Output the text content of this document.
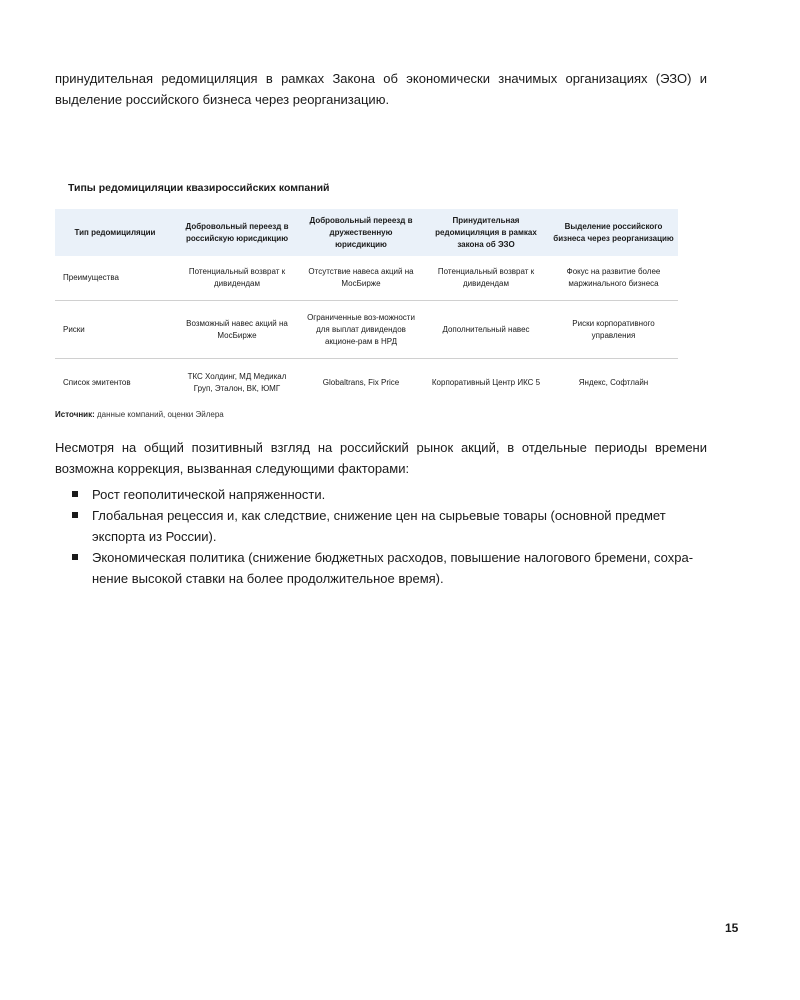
принудительная редомициляция в рамках Закона об экономически значимых организациях (ЭЗО) и выделение российского бизнеса через реорганизацию.

Типы редомициляции квазироссийских компаний
Тип редомициляции	Добровольный переезд в российскую юрисдикцию	Добровольный переезд в дружественную юрисдикцию	Принудительная редомициляция в рамках закона об ЭЗО	Выделение российского бизнеса через реорганизацию
Преимущества	Потенциальный возврат к дивидендам	Отсутствие навеса акций на МосБирже	Потенциальный возврат к дивидендам	Фокус на развитие более маржинального бизнеса
Риски	Возможный навес акций на МосБирже	Ограниченные воз-можности для выплат дивидендов акционе-рам в НРД	Дополнительный навес	Риски корпоративного управления
Список эмитентов	ТКС Холдинг, МД Медикал Груп, Эталон, ВК, ЮМГ	Globaltrans, Fix Price	Корпоративный Центр ИКС 5	Яндекс, Софтлайн
Источник: данные компаний, оценки Эйлера

Несмотря на общий позитивный взгляд на российский рынок акций, в отдельные периоды времени возможна коррекция, вызванная следующими факторами:

Рост геополитической напряженности.
Глобальная рецессия и, как следствие, снижение цен на сырьевые товары (основной предмет экспорта из России).
Экономическая политика (снижение бюджетных расходов, повышение налогового бремени, сохра-нение высокой ставки на более продолжительное время).
15
